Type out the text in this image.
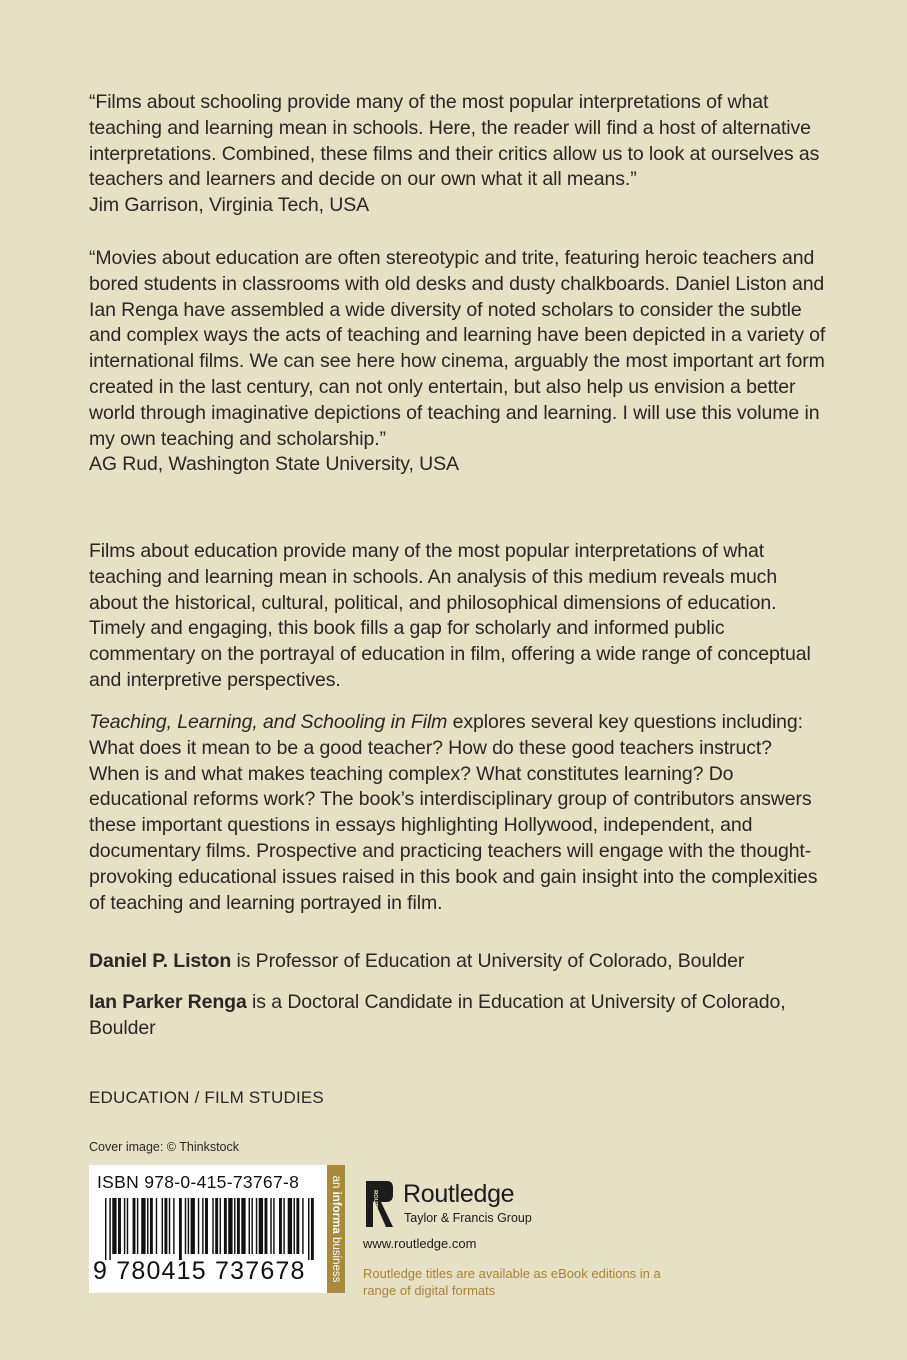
“Films about schooling provide many of the most popular interpretations of what teaching and learning mean in schools. Here, the reader will find a host of alternative interpretations. Combined, these films and their critics allow us to look at ourselves as teachers and learners and decide on our own what it all means.”
Jim Garrison, Virginia Tech, USA

“Movies about education are often stereotypic and trite, featuring heroic teachers and bored students in classrooms with old desks and dusty chalkboards. Daniel Liston and Ian Renga have assembled a wide diversity of noted scholars to consider the subtle and complex ways the acts of teaching and learning have been depicted in a variety of international films. We can see here how cinema, arguably the most important art form created in the last century, can not only entertain, but also help us envision a better world through imaginative depictions of teaching and learning. I will use this volume in my own teaching and scholarship.”
AG Rud, Washington State University, USA

Films about education provide many of the most popular interpretations of what teaching and learning mean in schools. An analysis of this medium reveals much about the historical, cultural, political, and philosophical dimensions of education. Timely and engaging, this book fills a gap for scholarly and informed public commentary on the portrayal of education in film, offering a wide range of conceptual and interpretive perspectives.

Teaching, Learning, and Schooling in Film explores several key questions including: What does it mean to be a good teacher? How do these good teachers instruct? When is and what makes teaching complex? What constitutes learning? Do educational reforms work? The book’s interdisciplinary group of contributors answers these important questions in essays highlighting Hollywood, independent, and documentary films. Prospective and practicing teachers will engage with the thought-provoking educational issues raised in this book and gain insight into the complexities of teaching and learning portrayed in film.

Daniel P. Liston is Professor of Education at University of Colorado, Boulder

Ian Parker Renga is a Doctoral Candidate in Education at University of Colorado, Boulder

EDUCATION / FILM STUDIES
Cover image: © Thinkstock
ISBN 978-0-415-73767-8
9 780415 737678
an informa business
ROUTLEDGE Routledge
Taylor & Francis Group
www.routledge.com
Routledge titles are available as eBook editions in a range of digital formats
